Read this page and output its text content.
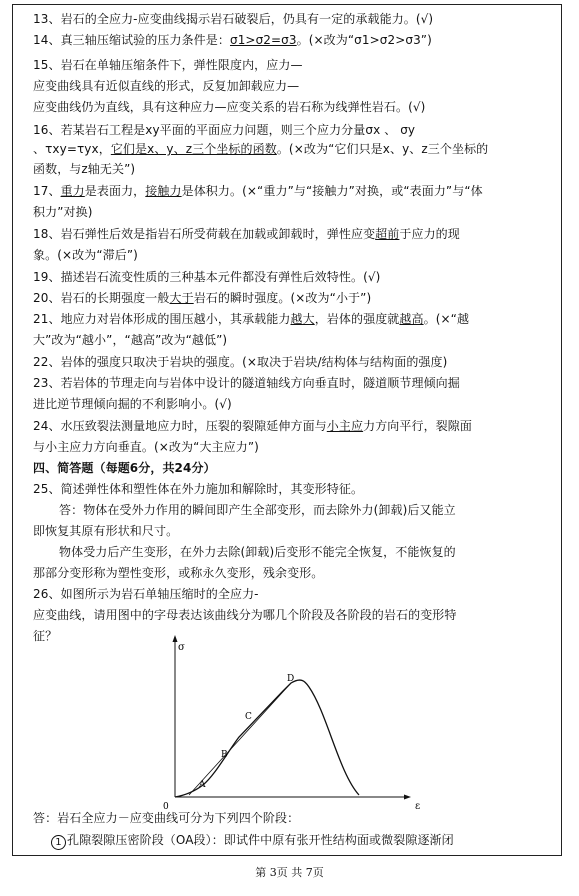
13、岩石的全应力-应变曲线揭示岩石破裂后，仍具有一定的承载能力。(√)
14、真三轴压缩试验的压力条件是：σ1>σ2=σ3。(×改为“σ1>σ2>σ3”)
15、岩石在单轴压缩条件下，弹性限度内，应力—
应变曲线具有近似直线的形式，反复加卸载应力—
应变曲线仍为直线，具有这种应力—应变关系的岩石称为线弹性岩石。(√)
16、若某岩石工程是xy平面的平面应力问题，则三个应力分量σx 、 σy
、τxy=τyx，它们是x、y、z三个坐标的函数。(×改为“它们只是x、y、z三个坐标的
函数，与z轴无关”)
17、重力是表面力，接触力是体积力。(×“重力”与“接触力”对换，或“表面力”与“体
积力”对换)
18、岩石弹性后效是指岩石所受荷载在加载或卸载时，弹性应变超前于应力的现
象。(×改为“滞后”)
19、描述岩石流变性质的三种基本元件都没有弹性后效特性。(√)
20、岩石的长期强度一般大于岩石的瞬时强度。(×改为“小于”)
21、地应力对岩体形成的围压越小，其承载能力越大，岩体的强度就越高。(×“越
大”改为“越小”，“越高”改为“越低”)
22、岩体的强度只取决于岩块的强度。(×取决于岩块/结构体与结构面的强度)
23、若岩体的节理走向与岩体中设计的隧道轴线方向垂直时，隧道顺节理倾向掘
进比逆节理倾向掘的不利影响小。(√)
24、水压致裂法测量地应力时，压裂的裂隙延伸方面与小主应力方向平行，裂隙面
与小主应力方向垂直。(×改为“大主应力”)
四、简答题（每题6分，共24分）
25、简述弹性体和塑性体在外力施加和解除时，其变形特征。
答：物体在受外力作用的瞬间即产生全部变形，而去除外力(卸载)后又能立
即恢复其原有形状和尺寸。
物体受力后产生变形，在外力去除(卸载)后变形不能完全恢复，不能恢复的
那部分变形称为塑性变形，或称永久变形，残余变形。
26、如图所示为岩石单轴压缩时的全应力-
应变曲线，请用图中的字母表达该曲线分为哪几个阶段及各阶段的岩石的变形特
征？
σ
ε
0
A
B
C
D
答：岩石全应力－应变曲线可分为下列四个阶段：
1 孔隙裂隙压密阶段（OA段）：即试件中原有张开性结构面或微裂隙逐渐闭
第 3页 共 7页
